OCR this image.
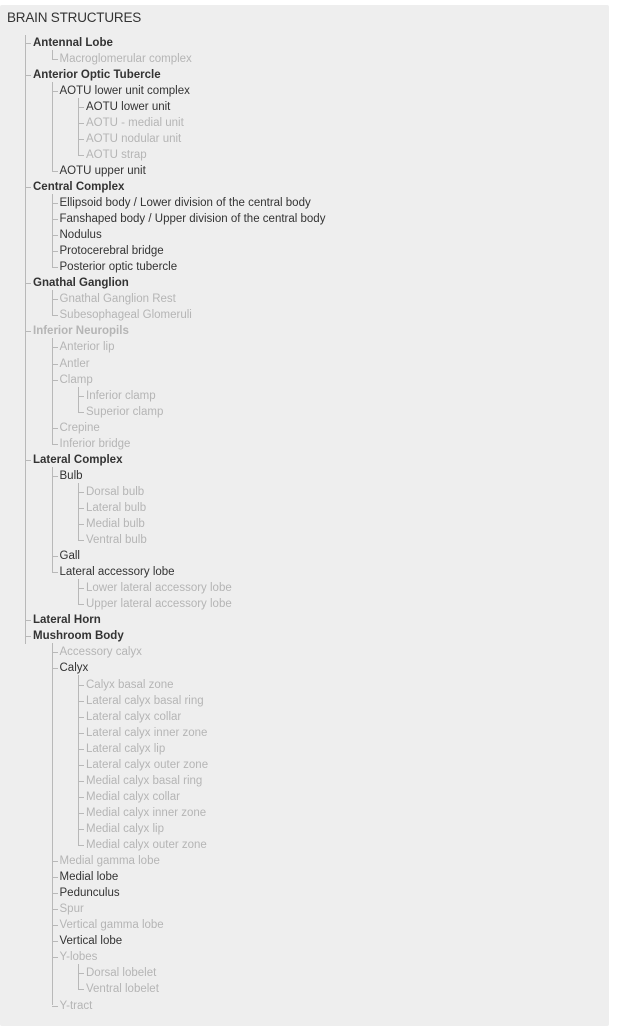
BRAIN STRUCTURES
Antennal Lobe
Macroglomerular complex
Anterior Optic Tubercle
AOTU lower unit complex
AOTU lower unit
AOTU - medial unit
AOTU nodular unit
AOTU strap
AOTU upper unit
Central Complex
Ellipsoid body / Lower division of the central body
Fanshaped body / Upper division of the central body
Nodulus
Protocerebral bridge
Posterior optic tubercle
Gnathal Ganglion
Gnathal Ganglion Rest
Subesophageal Glomeruli
Inferior Neuropils
Anterior lip
Antler
Clamp
Inferior clamp
Superior clamp
Crepine
Inferior bridge
Lateral Complex
Bulb
Dorsal bulb
Lateral bulb
Medial bulb
Ventral bulb
Gall
Lateral accessory lobe
Lower lateral accessory lobe
Upper lateral accessory lobe
Lateral Horn
Mushroom Body
Accessory calyx
Calyx
Calyx basal zone
Lateral calyx basal ring
Lateral calyx collar
Lateral calyx inner zone
Lateral calyx lip
Lateral calyx outer zone
Medial calyx basal ring
Medial calyx collar
Medial calyx inner zone
Medial calyx lip
Medial calyx outer zone
Medial gamma lobe
Medial lobe
Pedunculus
Spur
Vertical gamma lobe
Vertical lobe
Y-lobes
Dorsal lobelet
Ventral lobelet
Y-tract
